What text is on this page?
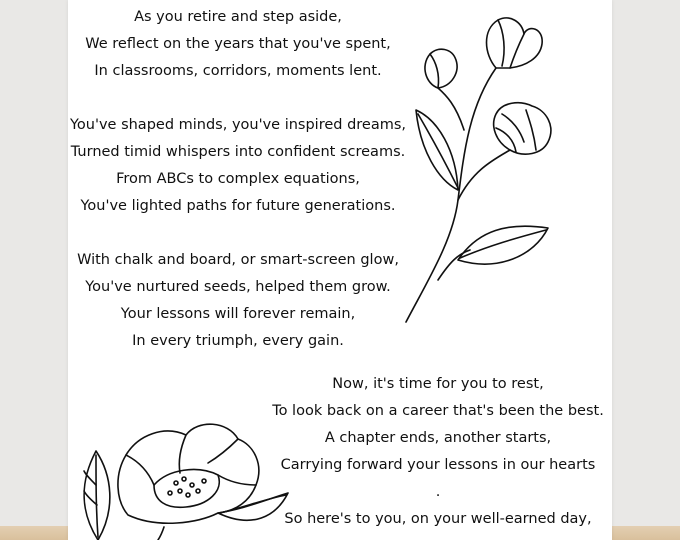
As you retire and step aside,
We reflect on the years that you've spent,
In classrooms, corridors, moments lent.
You've shaped minds, you've inspired dreams,
Turned timid whispers into confident screams.
From ABCs to complex equations,
You've lighted paths for future generations.
With chalk and board, or smart-screen glow,
You've nurtured seeds, helped them grow.
Your lessons will forever remain,
In every triumph, every gain.
Now, it's time for you to rest,
To look back on a career that's been the best.
A chapter ends, another starts,
Carrying forward your lessons in our hearts
.
So here's to you, on your well-earned day,
